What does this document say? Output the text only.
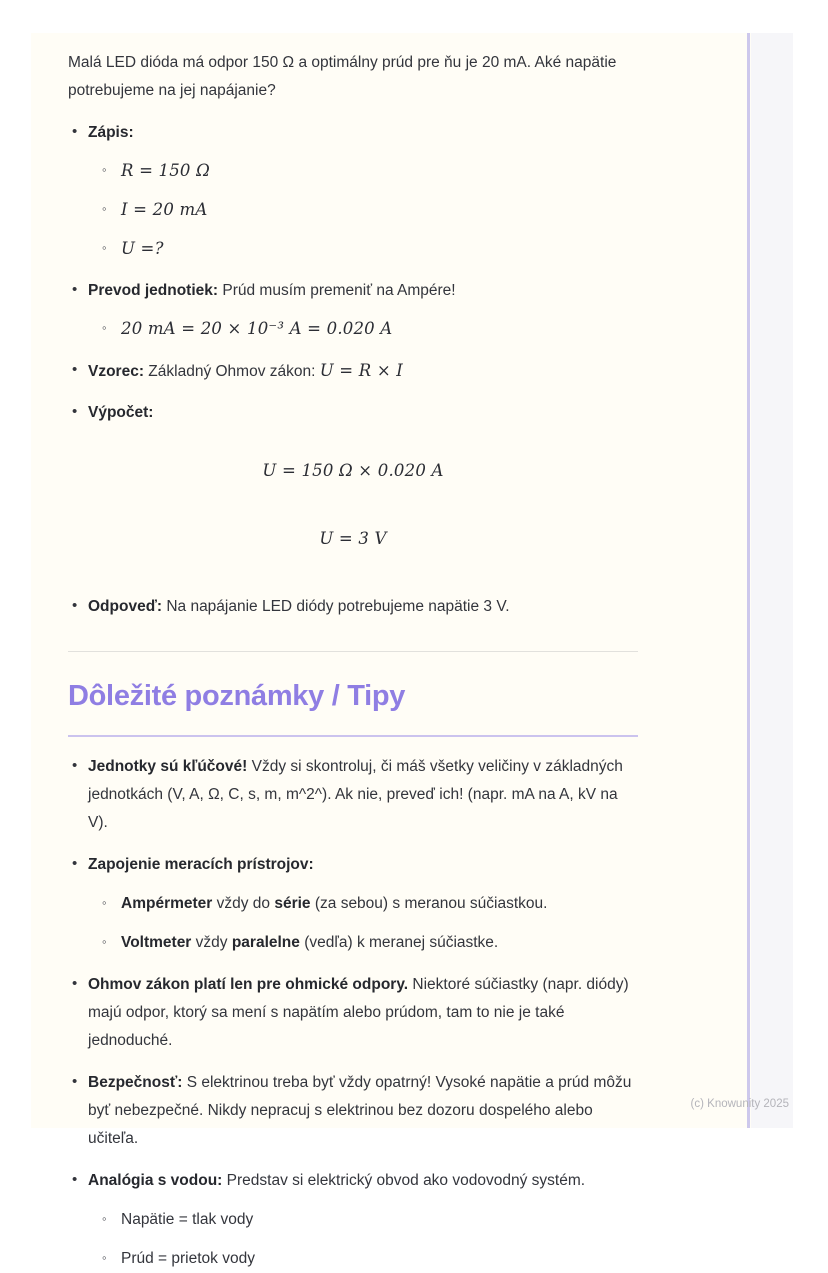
Malá LED dióda má odpor 150 Ω a optimálny prúd pre ňu je 20 mA. Aké napätie potrebujeme na jej napájanie?

• Zápis:
◦ R = 150 Ω
◦ I = 20 mA
◦ U =?
• Prevod jednotiek: Prúd musím premeniť na Ampére!
◦ 20 mA = 20 × 10⁻³ A = 0.020 A
• Vzorec: Základný Ohmov zákon: U = R × I
• Výpočet:
U = 150 Ω × 0.020 A
U = 3 V
• Odpoveď: Na napájanie LED diódy potrebujeme napätie 3 V.
Dôležité poznámky / Tipy
• Jednotky sú kľúčové! Vždy si skontroluj, či máš všetky veličiny v základných jednotkách (V, A, Ω, C, s, m, m^2^). Ak nie, preveď ich! (napr. mA na A, kV na V).
• Zapojenie meracích prístrojov:
◦ Ampérmeter vždy do série (za sebou) s meranou súčiastkou.
◦ Voltmeter vždy paralelne (vedľa) k meranej súčiastke.
• Ohmov zákon platí len pre ohmické odpory. Niektoré súčiastky (napr. diódy) majú odpor, ktorý sa mení s napätím alebo prúdom, tam to nie je také jednoduché.
• Bezpečnosť: S elektrinou treba byť vždy opatrný! Vysoké napätie a prúd môžu byť nebezpečné. Nikdy nepracuj s elektrinou bez dozoru dospelého alebo učiteľa.
• Analógia s vodou: Predstav si elektrický obvod ako vodovodný systém.
◦ Napätie = tlak vody
◦ Prúd = prietok vody
(c) Knowunity 2025
